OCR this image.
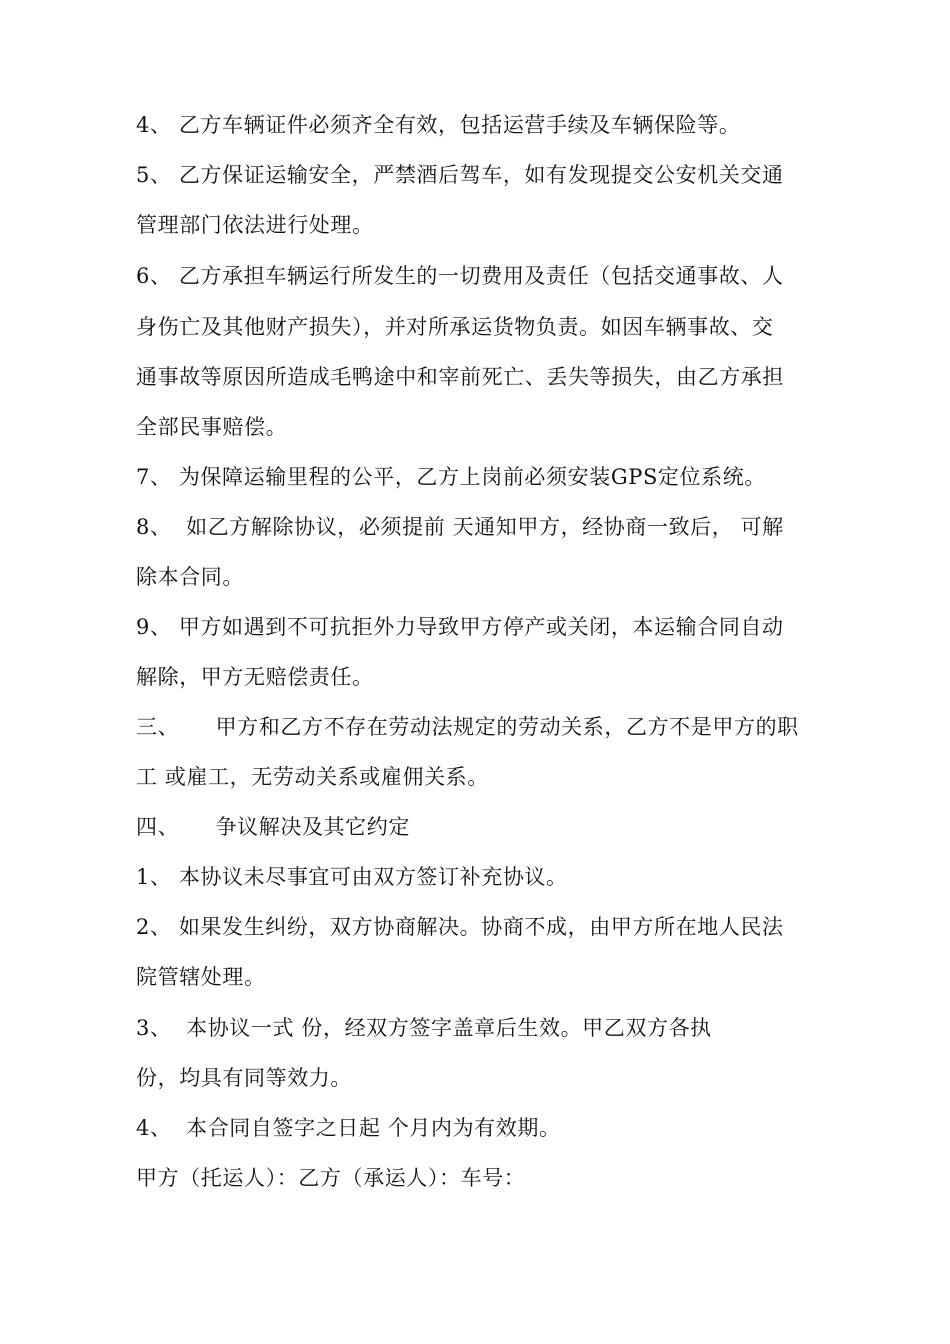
4、 乙方车辆证件必须齐全有效，包括运营手续及车辆保险等。
5、 乙方保证运输安全，严禁酒后驾车，如有发现提交公安机关交通
管理部门依法进行处理。
6、 乙方承担车辆运行所发生的一切费用及责任（包括交通事故、人
身伤亡及其他财产损失），并对所承运货物负责。如因车辆事故、交
通事故等原因所造成毛鸭途中和宰前死亡、丢失等损失，由乙方承担
全部民事赔偿。
7、 为保障运输里程的公平，乙方上岗前必须安装GPS定位系统。
8、  如乙方解除协议，必须提前 天通知甲方，经协商一致后， 可解
除本合同。
9、 甲方如遇到不可抗拒外力导致甲方停产或关闭，本运输合同自动
解除，甲方无赔偿责任。
三、     甲方和乙方不存在劳动法规定的劳动关系，乙方不是甲方的职
工 或雇工，无劳动关系或雇佣关系。
四、     争议解决及其它约定
1、 本协议未尽事宜可由双方签订补充协议。
2、 如果发生纠纷，双方协商解决。协商不成，由甲方所在地人民法
院管辖处理。
3、  本协议一式 份，经双方签字盖章后生效。甲乙双方各执
份，均具有同等效力。
4、  本合同自签字之日起 个月内为有效期。
甲方（托运人）：乙方（承运人）：车号：
